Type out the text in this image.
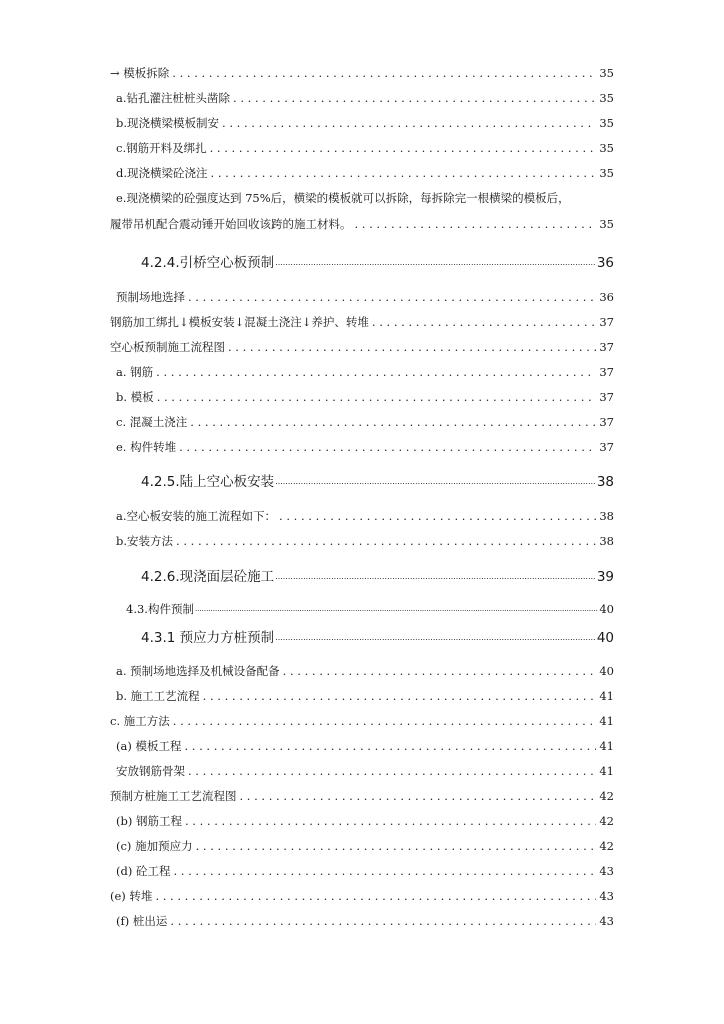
→ 模板拆除 . . .	35
a.钻孔灌注桩桩头凿除 . . .	35
b.现浇横梁模板制安 . . .	35
c.钢筋开料及绑扎 . . .	35
d.现浇横梁砼浇注 . . .	35
e.现浇横梁的砼强度达到 75%后，横梁的模板就可以拆除，每拆除完一根横梁的模板后，
履带吊机配合震动锤开始回收该跨的施工材料。 . . .	35
4.2.4.引桥空心板预制 .....	36
预制场地选择 . . .	36
钢筋加工绑扎↓模板安装↓混凝土浇注↓养护、转堆 . . .	37
空心板预制施工流程图 . . .	37
a. 钢筋 . . .	37
b. 模板 . . .	37
c. 混凝土浇注 . . .	37
e. 构件转堆 . . .	37
4.2.5.陆上空心板安装 .....	38
a.空心板安装的施工流程如下： . . .	38
b.安装方法 . . .	38
4.2.6.现浇面层砼施工 .....	39
4.3.构件预制 .....	40
4.3.1 预应力方桩预制 .....	40
a. 预制场地选择及机械设备配备 . . .	40
b. 施工工艺流程 . . .	41
c. 施工方法 . . .	41
(a) 模板工程 . . .	41
安放钢筋骨架 . . .	41
预制方桩施工工艺流程图 . . .	42
(b) 钢筋工程 . . .	42
(c) 施加预应力 . . .	42
(d) 砼工程 . . .	43
(e) 转堆 . . .	43
(f) 桩出运 . . .	43
